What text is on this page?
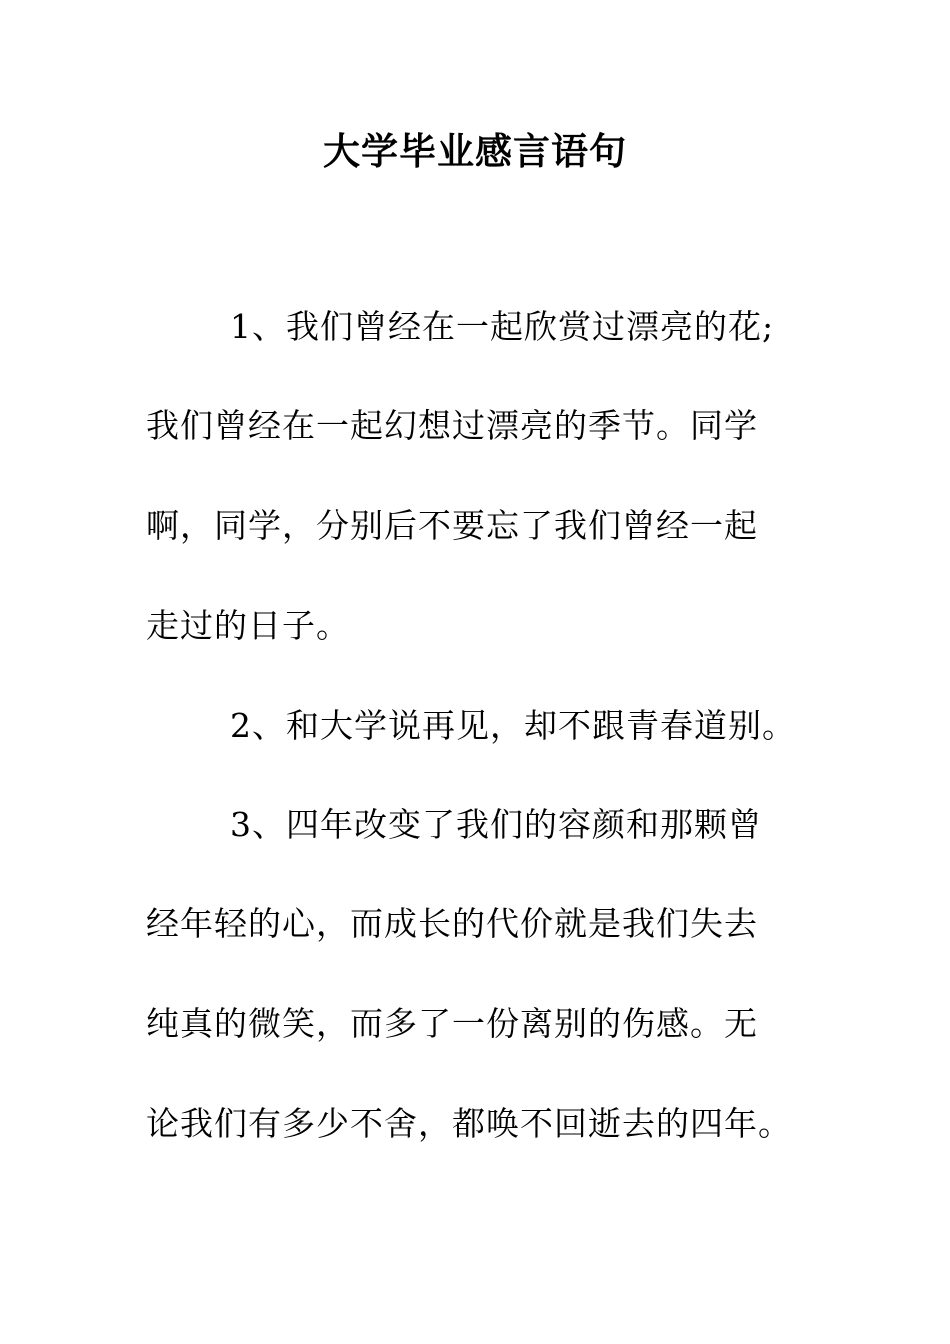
大学毕业感言语句
1、我们曾经在一起欣赏过漂亮的花;
我们曾经在一起幻想过漂亮的季节。同学
啊，同学，分别后不要忘了我们曾经一起
走过的日子。
2、和大学说再见，却不跟青春道别。
3、四年改变了我们的容颜和那颗曾
经年轻的心，而成长的代价就是我们失去
纯真的微笑，而多了一份离别的伤感。无
论我们有多少不舍，都唤不回逝去的四年。
